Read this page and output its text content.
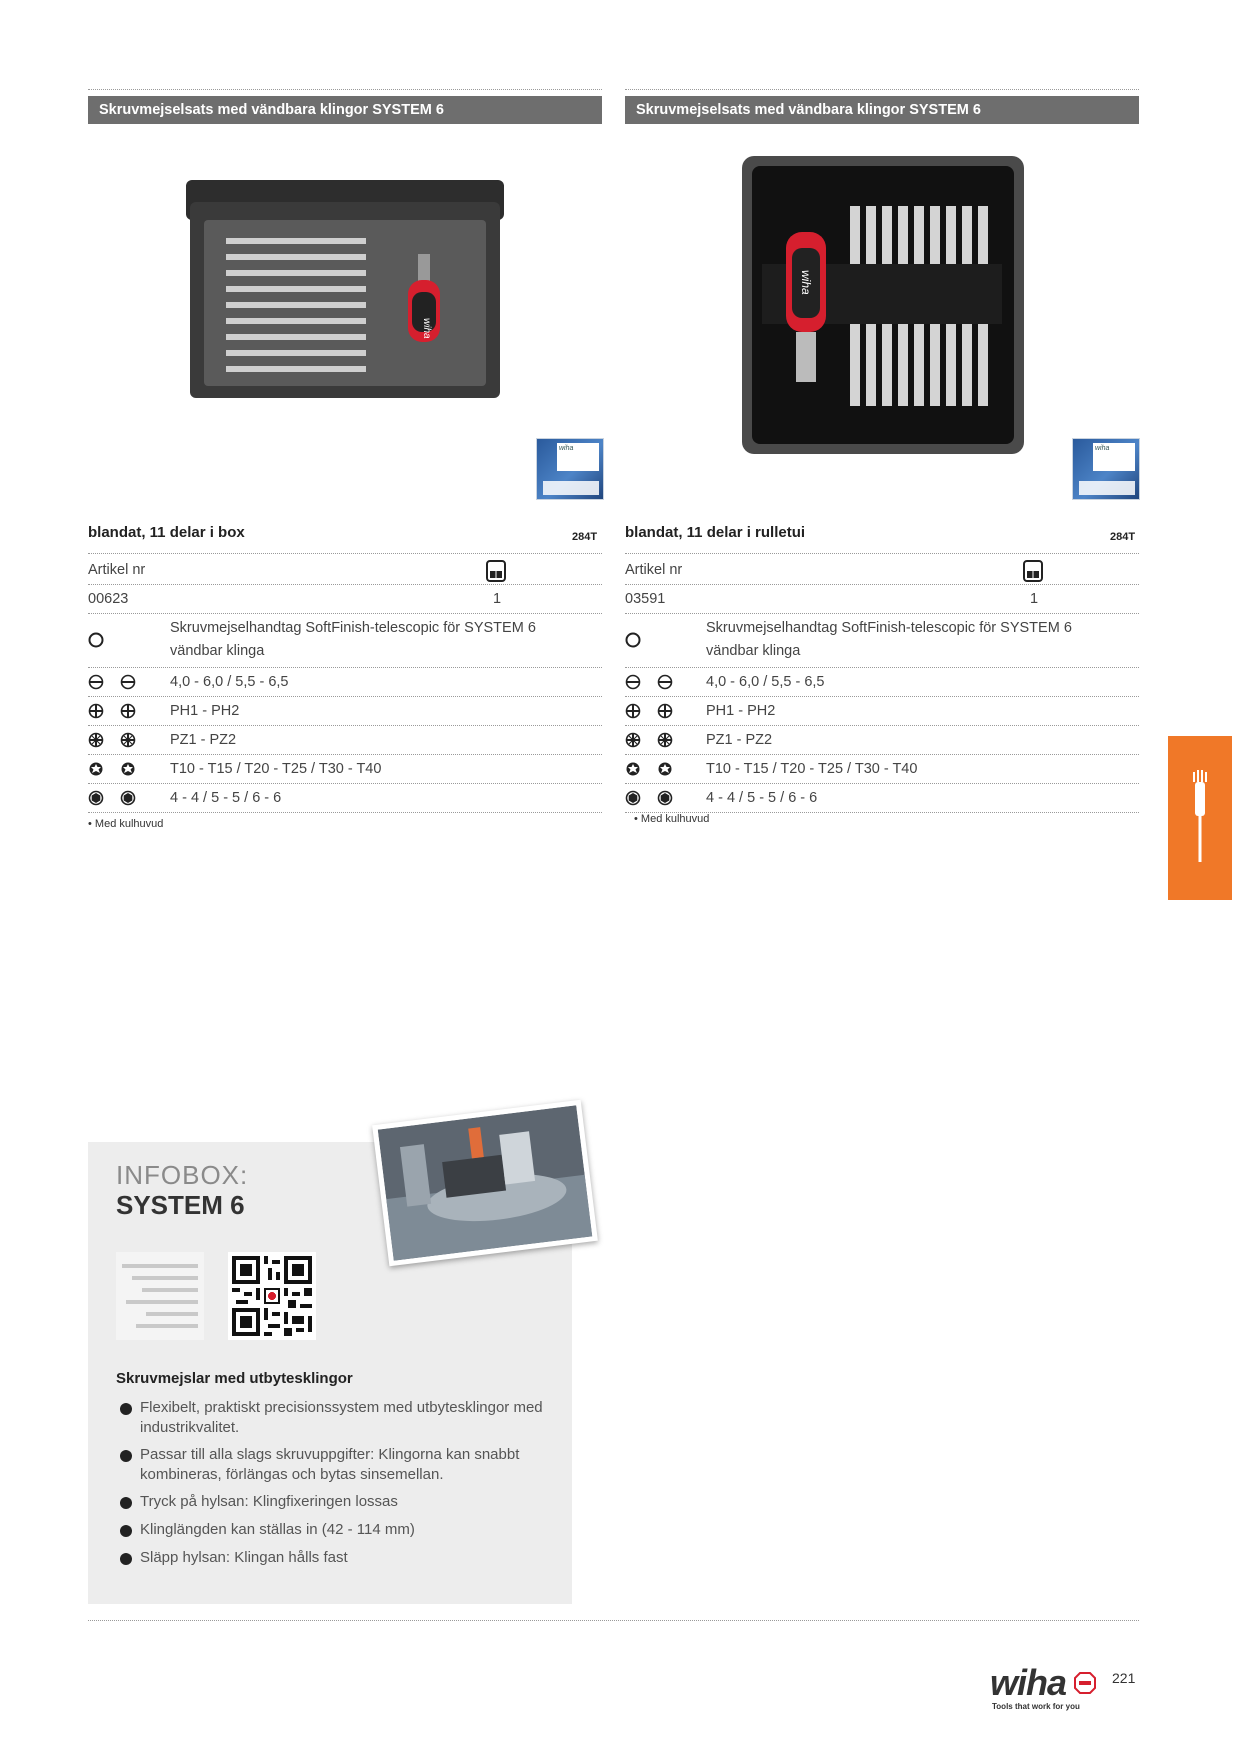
Skruvmejselsats med vändbara klingor SYSTEM 6
wiha
wiha
blandat, 11 delar i box	284T
Artikel nr
00623	1
Skruvmejselhandtag SoftFinish-telescopic för SYSTEM 6 vändbar klinga
4,0 - 6,0 / 5,5 - 6,5
PH1 - PH2
PZ1 - PZ2
T10 - T15 / T20 - T25 / T30 - T40
4 - 4 / 5 - 5 / 6 - 6
• Med kulhuvud
Skruvmejselsats med vändbara klingor SYSTEM 6
wiha
wiha
blandat, 11 delar i rulletui	284T
Artikel nr
03591	1
Skruvmejselhandtag SoftFinish-telescopic för SYSTEM 6 vändbar klinga
4,0 - 6,0 / 5,5 - 6,5
PH1 - PH2
PZ1 - PZ2
T10 - T15 / T20 - T25 / T30 - T40
4 - 4 / 5 - 5 / 6 - 6
• Med kulhuvud
INFOBOX:
SYSTEM 6
Skruvmejslar med utbytesklingor
Flexibelt, praktiskt precisionssystem med utbytesklingor med industrikvalitet.
Passar till alla slags skruvuppgifter: Klingorna kan snabbt kombineras, förlängas och bytas sinsemellan.
Tryck på hylsan: Klingfixeringen lossas
Klinglängden kan ställas in (42 - 114 mm)
Släpp hylsan: Klingan hålls fast
wiha
Tools that work for you
221
